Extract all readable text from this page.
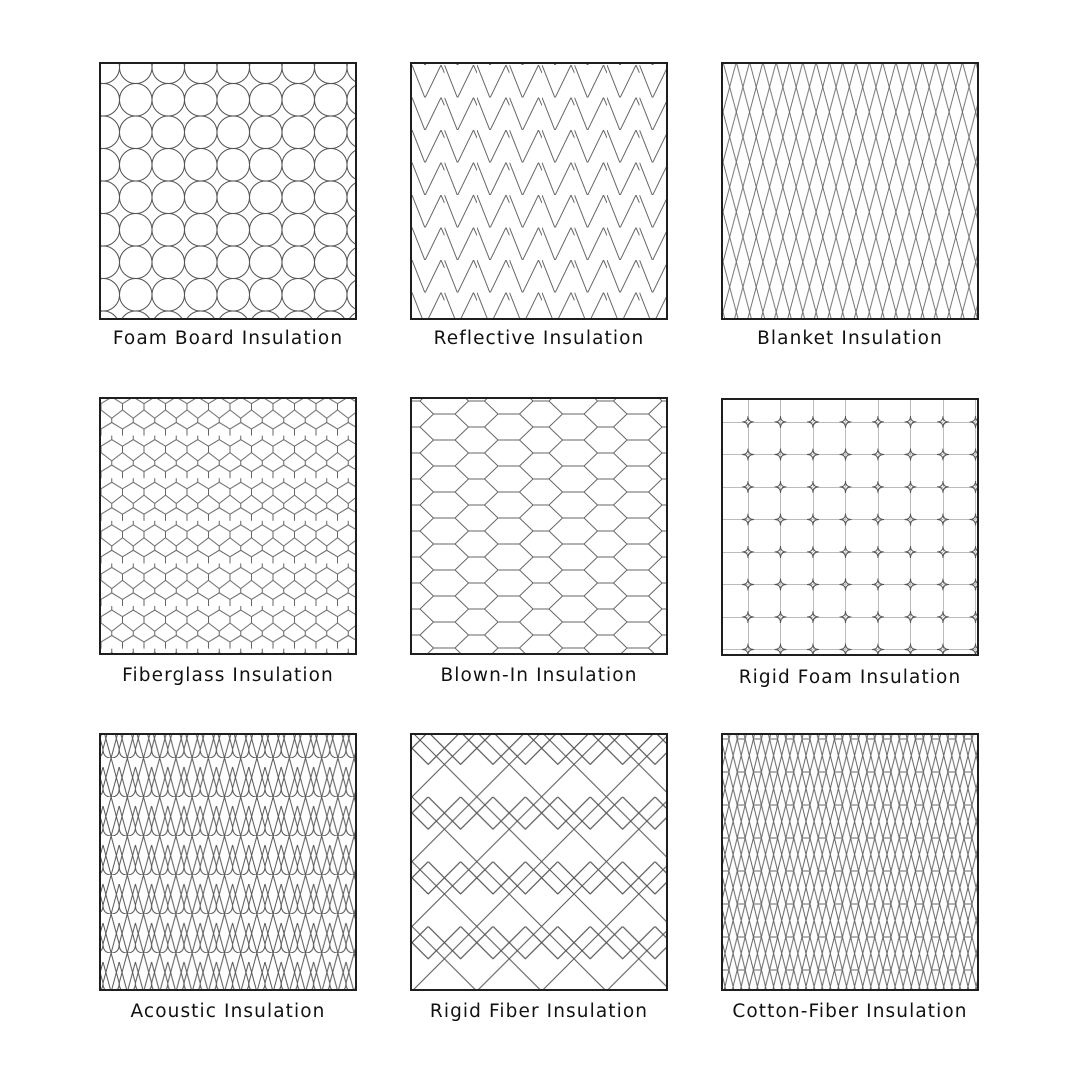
Foam Board Insulation	Reflective Insulation	Blanket Insulation
Fiberglass Insulation	Blown-In Insulation	Rigid Foam Insulation
Acoustic Insulation	Rigid Fiber Insulation	Cotton-Fiber Insulation
